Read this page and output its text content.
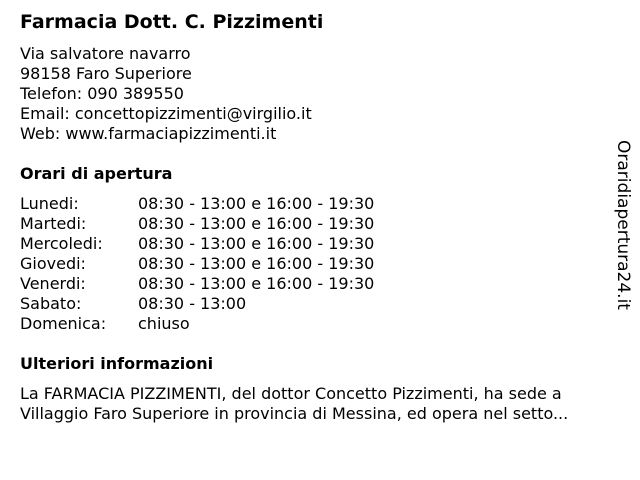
Farmacia Dott. C. Pizzimenti
Via salvatore navarro
98158 Faro Superiore
Telefon: 090 389550
Email: concettopizzimenti@virgilio.it
Web: www.farmaciapizzimenti.it
Orari di apertura
Lunedi:	08:30 - 13:00 e 16:00 - 19:30
Martedi:	08:30 - 13:00 e 16:00 - 19:30
Mercoledi:	08:30 - 13:00 e 16:00 - 19:30
Giovedi:	08:30 - 13:00 e 16:00 - 19:30
Venerdi:	08:30 - 13:00 e 16:00 - 19:30
Sabato:	08:30 - 13:00
Domenica:	chiuso
Ulteriori informazioni
La FARMACIA PIZZIMENTI, del dottor Concetto Pizzimenti, ha sede a
Villaggio Faro Superiore in provincia di Messina, ed opera nel setto...
Oraridiapertura24.it
